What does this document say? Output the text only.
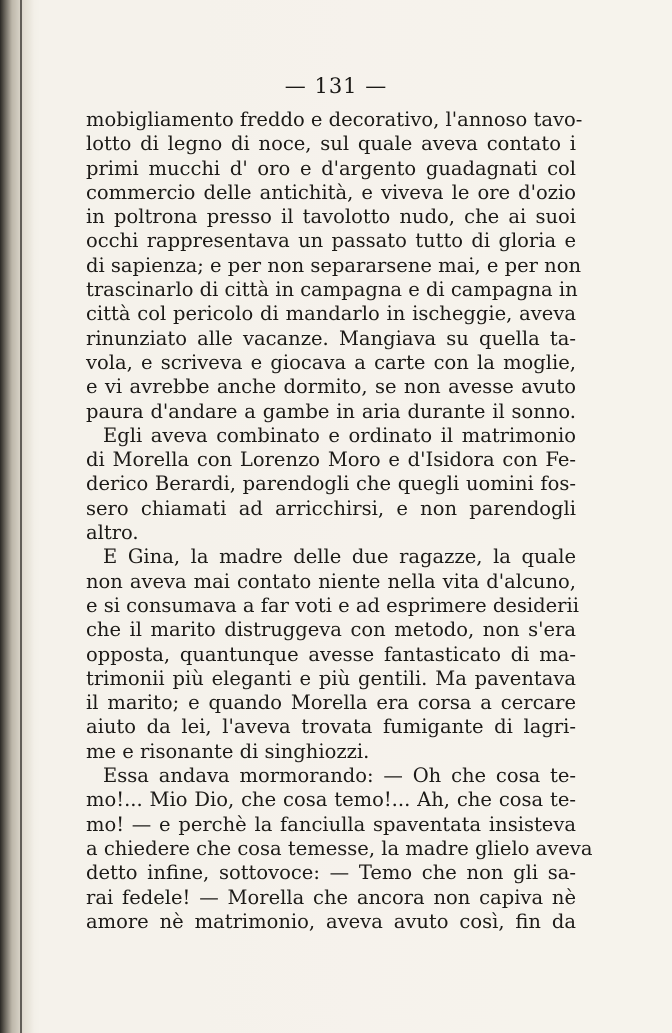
— 131 —
mobigliamento freddo e decorativo, l'annoso tavo-
lotto di legno di noce, sul quale aveva contato i
primi mucchi d' oro e d'argento guadagnati col
commercio delle antichità, e viveva le ore d'ozio
in poltrona presso il tavolotto nudo, che ai suoi
occhi rappresentava un passato tutto di gloria e
di sapienza; e per non separarsene mai, e per non
trascinarlo di città in campagna e di campagna in
città col pericolo di mandarlo in ischeggie, aveva
rinunziato alle vacanze. Mangiava su quella ta-
vola, e scriveva e giocava a carte con la moglie,
e vi avrebbe anche dormito, se non avesse avuto
paura d'andare a gambe in aria durante il sonno.
Egli aveva combinato e ordinato il matrimonio
di Morella con Lorenzo Moro e d'Isidora con Fe-
derico Berardi, parendogli che quegli uomini fos-
sero chiamati ad arricchirsi, e non parendogli
altro.
E Gina, la madre delle due ragazze, la quale
non aveva mai contato niente nella vita d'alcuno,
e si consumava a far voti e ad esprimere desiderii
che il marito distruggeva con metodo, non s'era
opposta, quantunque avesse fantasticato di ma-
trimonii più eleganti e più gentili. Ma paventava
il marito; e quando Morella era corsa a cercare
aiuto da lei, l'aveva trovata fumigante di lagri-
me e risonante di singhiozzi.
Essa andava mormorando: — Oh che cosa te-
mo!... Mio Dio, che cosa temo!... Ah, che cosa te-
mo! — e perchè la fanciulla spaventata insisteva
a chiedere che cosa temesse, la madre glielo aveva
detto infine, sottovoce: — Temo che non gli sa-
rai fedele! — Morella che ancora non capiva nè
amore nè matrimonio, aveva avuto così, fin da
